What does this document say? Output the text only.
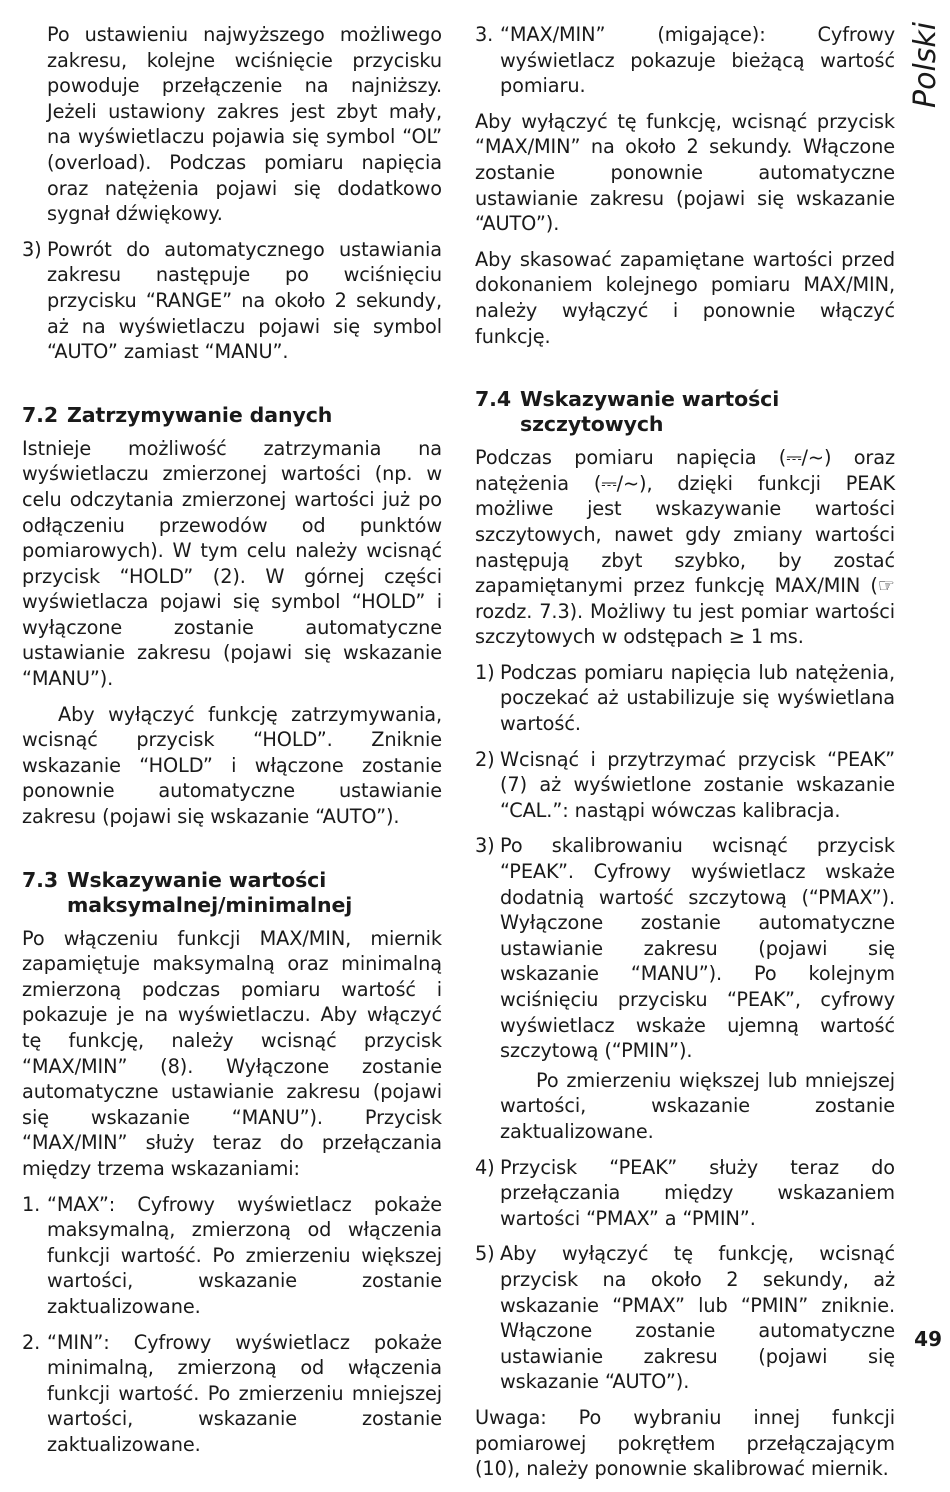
Po ustawieniu najwyższego możliwego zakresu, kolejne wciśnięcie przycisku powoduje przełączenie na najniższy. Jeżeli ustawiony zakres jest zbyt mały, na wyświetlaczu pojawia się symbol “OL” (overload). Podczas pomiaru napięcia oraz natężenia pojawi się dodatkowo sygnał dźwiękowy.

3) Powrót do automatycznego ustawiania zakresu następuje po wciśnięciu przycisku “RANGE” na około 2 sekundy, aż na wyświetlaczu pojawi się symbol “AUTO” zamiast “MANU”.

7.2 Zatrzymywanie danych

Istnieje możliwość zatrzymania na wyświetlaczu zmierzonej wartości (np. w celu odczytania zmierzonej wartości już po odłączeniu przewodów od punktów pomiarowych). W tym celu należy wcisnąć przycisk “HOLD” (2). W górnej części wyświetlacza pojawi się symbol “HOLD” i wyłączone zostanie automatyczne ustawianie zakresu (pojawi się wskazanie “MANU”).

Aby wyłączyć funkcję zatrzymywania, wcisnąć przycisk “HOLD”. Zniknie wskazanie “HOLD” i włączone zostanie ponownie automatyczne ustawianie zakresu (pojawi się wskazanie “AUTO”).

7.3 Wskazywanie wartości maksymalnej/minimalnej

Po włączeniu funkcji MAX/MIN, miernik zapamiętuje maksymalną oraz minimalną zmierzoną podczas pomiaru wartość i pokazuje je na wyświetlaczu. Aby włączyć tę funkcję, należy wcisnąć przycisk “MAX/MIN” (8). Wyłączone zostanie automatyczne ustawianie zakresu (pojawi się wskazanie “MANU”). Przycisk “MAX/MIN” służy teraz do przełączania między trzema wskazaniami:

1. “MAX”: Cyfrowy wyświetlacz pokaże maksymalną, zmierzoną od włączenia funkcji wartość. Po zmierzeniu większej wartości, wskazanie zostanie zaktualizowane.

2. “MIN”: Cyfrowy wyświetlacz pokaże minimalną, zmierzoną od włączenia funkcji wartość. Po zmierzeniu mniejszej wartości, wskazanie zostanie zaktualizowane.

3. “MAX/MIN” (migające): Cyfrowy wyświetlacz pokazuje bieżącą wartość pomiaru.

Aby wyłączyć tę funkcję, wcisnąć przycisk “MAX/MIN” na około 2 sekundy. Włączone zostanie ponownie automatyczne ustawianie zakresu (pojawi się wskazanie “AUTO”).

Aby skasować zapamiętane wartości przed dokonaniem kolejnego pomiaru MAX/MIN, należy wyłączyć i ponownie włączyć funkcję.

7.4 Wskazywanie wartości szczytowych

Podczas pomiaru napięcia (⎓/~) oraz natężenia (⎓/~), dzięki funkcji PEAK możliwe jest wskazywanie wartości szczytowych, nawet gdy zmiany wartości następują zbyt szybko, by zostać zapamiętanymi przez funkcję MAX/MIN (☞ rozdz. 7.3). Możliwy tu jest pomiar wartości szczytowych w odstępach ≥ 1 ms.

1) Podczas pomiaru napięcia lub natężenia, poczekać aż ustabilizuje się wyświetlana wartość.

2) Wcisnąć i przytrzymać przycisk “PEAK” (7) aż wyświetlone zostanie wskazanie “CAL.”: nastąpi wówczas kalibracja.

3) Po skalibrowaniu wcisnąć przycisk “PEAK”. Cyfrowy wyświetlacz wskaże dodatnią wartość szczytową (“PMAX”). Wyłączone zostanie automatyczne ustawianie zakresu (pojawi się wskazanie “MANU”). Po kolejnym wciśnięciu przycisku “PEAK”, cyfrowy wyświetlacz wskaże ujemną wartość szczytową (“PMIN”).

Po zmierzeniu większej lub mniejszej wartości, wskazanie zostanie zaktualizowane.

4) Przycisk “PEAK” służy teraz do przełączania między wskazaniem wartości “PMAX” a “PMIN”.

5) Aby wyłączyć tę funkcję, wcisnąć przycisk na około 2 sekundy, aż wskazanie “PMAX” lub “PMIN” zniknie. Włączone zostanie automatyczne ustawianie zakresu (pojawi się wskazanie “AUTO”).

Uwaga: Po wybraniu innej funkcji pomiarowej pokrętłem przełączającym (10), należy ponownie skalibrować miernik.

Polski
49
